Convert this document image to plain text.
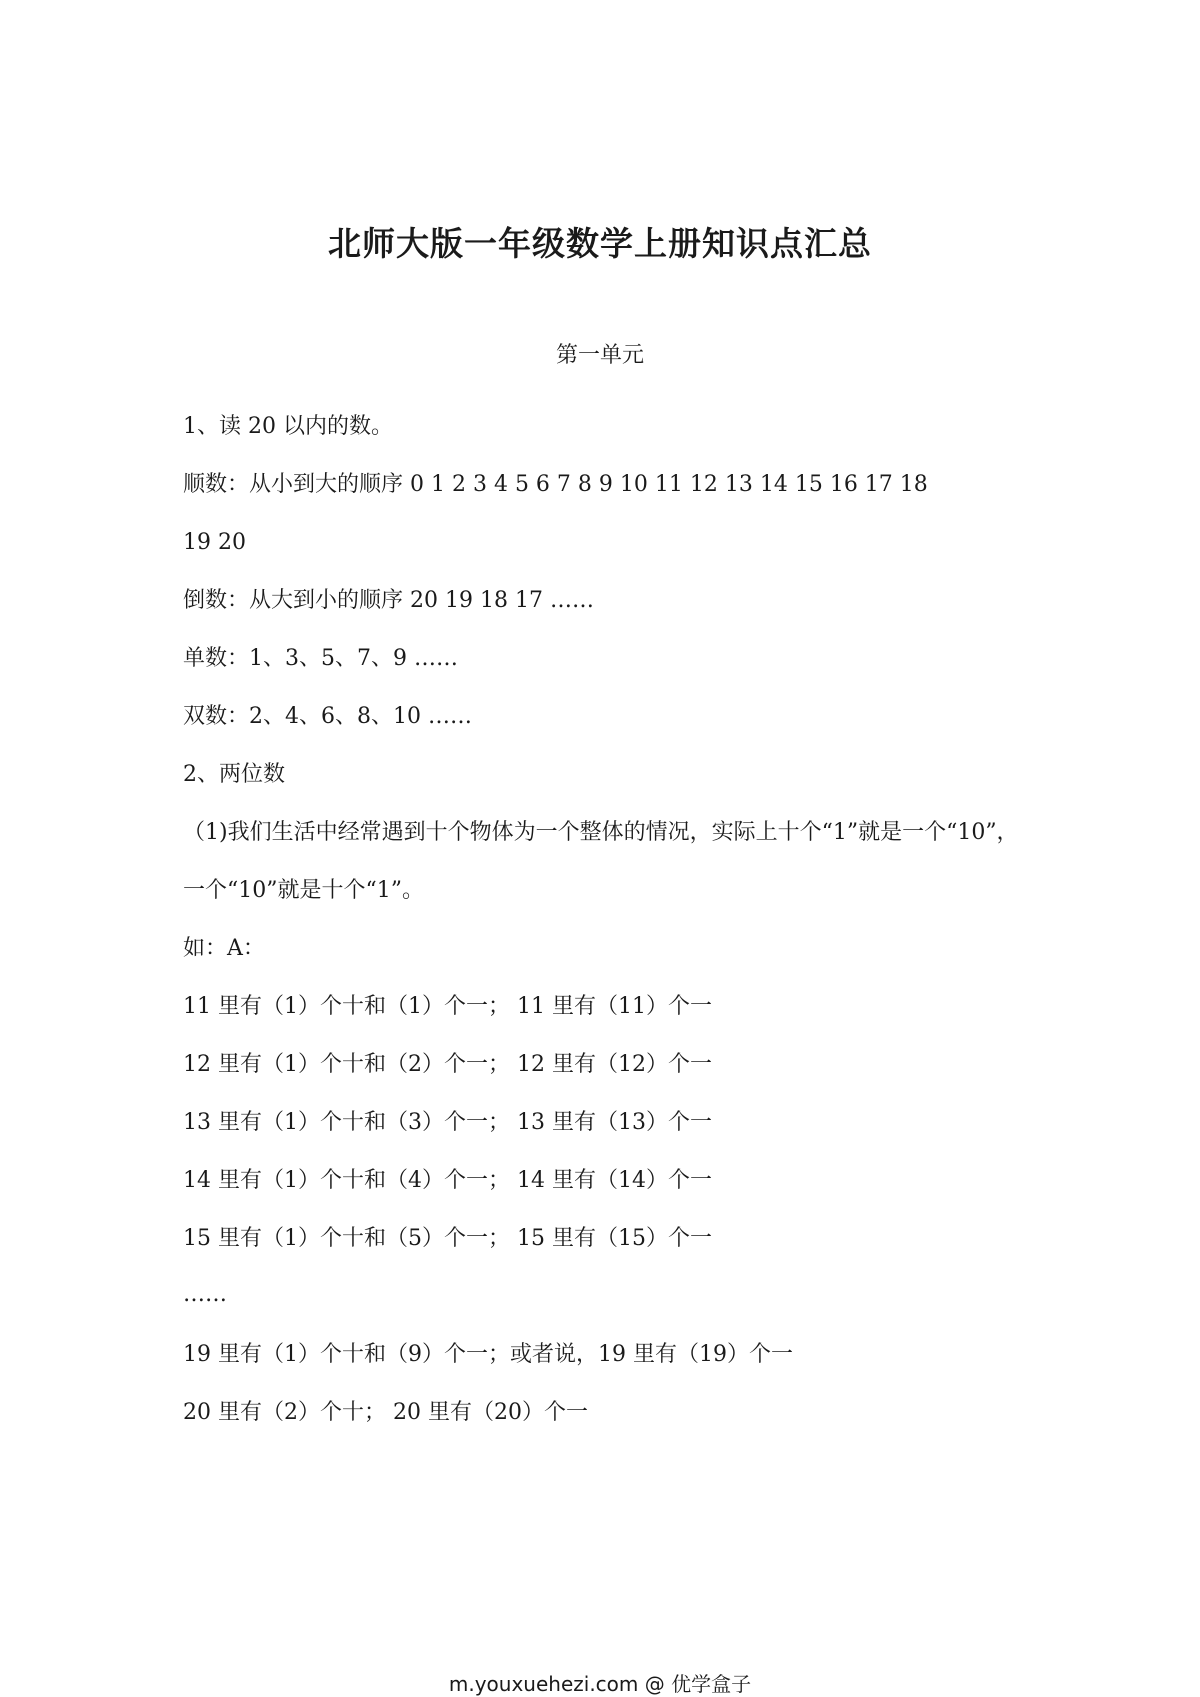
北师大版一年级数学上册知识点汇总
第一单元
1、读 20 以内的数。
顺数：从小到大的顺序 0 1 2 3 4 5 6 7 8 9 10 11 12 13 14 15 16 17 18
19 20
倒数：从大到小的顺序 20 19 18 17 ……
单数：1、3、5、7、9 ……
双数：2、4、6、8、10 ……
2、两位数
（1)我们生活中经常遇到十个物体为一个整体的情况，实际上十个“1”就是一个“10”，
一个“10”就是十个“1”。
如：A：
11 里有（1）个十和（1）个一； 11 里有（11）个一
12 里有（1）个十和（2）个一； 12 里有（12）个一
13 里有（1）个十和（3）个一； 13 里有（13）个一
14 里有（1）个十和（4）个一； 14 里有（14）个一
15 里有（1）个十和（5）个一； 15 里有（15）个一
……
19 里有（1）个十和（9）个一；或者说，19 里有（19）个一
20 里有（2）个十； 20 里有（20）个一
m.youxuehezi.com @ 优学盒子
